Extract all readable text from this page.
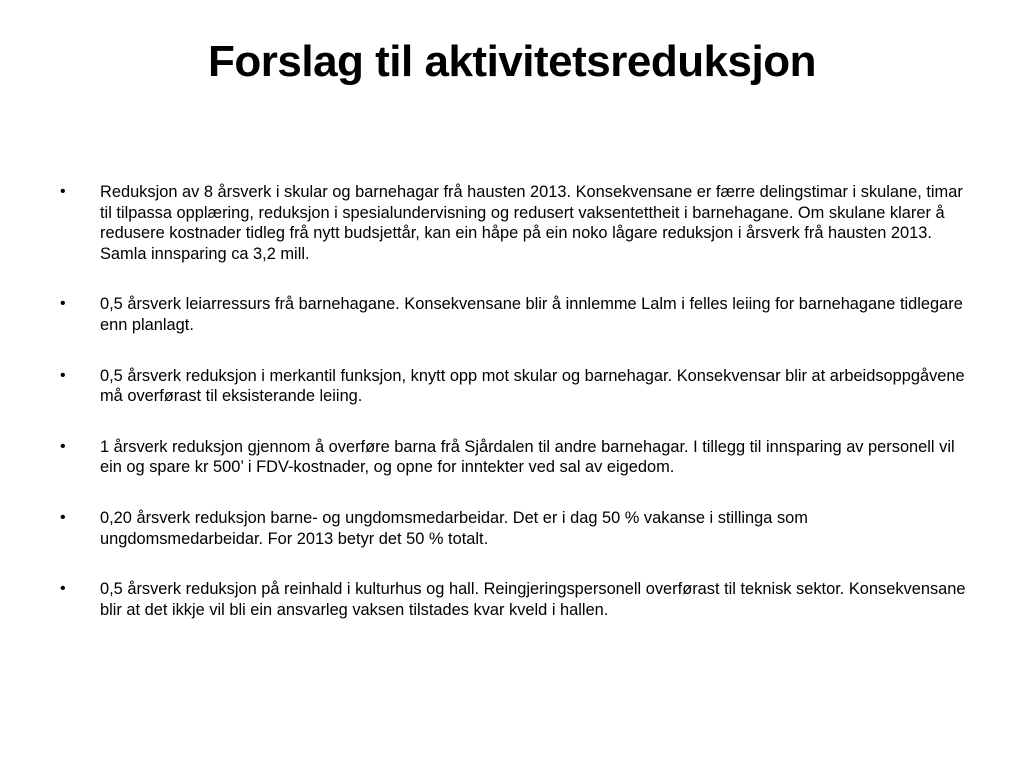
Forslag til aktivitetsreduksjon
• Reduksjon av 8 årsverk i skular og barnehagar frå hausten 2013. Konsekvensane er færre delingstimar i skulane, timar til tilpassa opplæring, reduksjon i spesialundervisning og redusert vaksentettheit i barnehagane. Om skulane klarer å redusere kostnader tidleg frå nytt budsjettår, kan ein håpe på ein noko lågare reduksjon i årsverk frå hausten 2013. Samla innsparing ca 3,2 mill.
• 0,5 årsverk leiarressurs frå barnehagane. Konsekvensane blir å innlemme Lalm i felles leiing for barnehagane tidlegare enn planlagt.
• 0,5 årsverk reduksjon i merkantil funksjon, knytt opp mot skular og barnehagar. Konsekvensar blir at arbeidsoppgåvene må overførast til eksisterande leiing.
• 1 årsverk reduksjon gjennom å overføre barna frå Sjårdalen til andre barnehagar. I tillegg til innsparing av personell vil ein og spare kr 500’ i FDV-kostnader, og opne for inntekter ved sal av eigedom.
• 0,20 årsverk reduksjon barne- og ungdomsmedarbeidar. Det er i dag 50 % vakanse i stillinga som ungdomsmedarbeidar. For 2013 betyr det 50 % totalt.
• 0,5 årsverk reduksjon på reinhald i kulturhus og hall. Reingjeringspersonell overførast til teknisk sektor. Konsekvensane blir at det ikkje vil bli ein ansvarleg vaksen tilstades kvar kveld i hallen.
